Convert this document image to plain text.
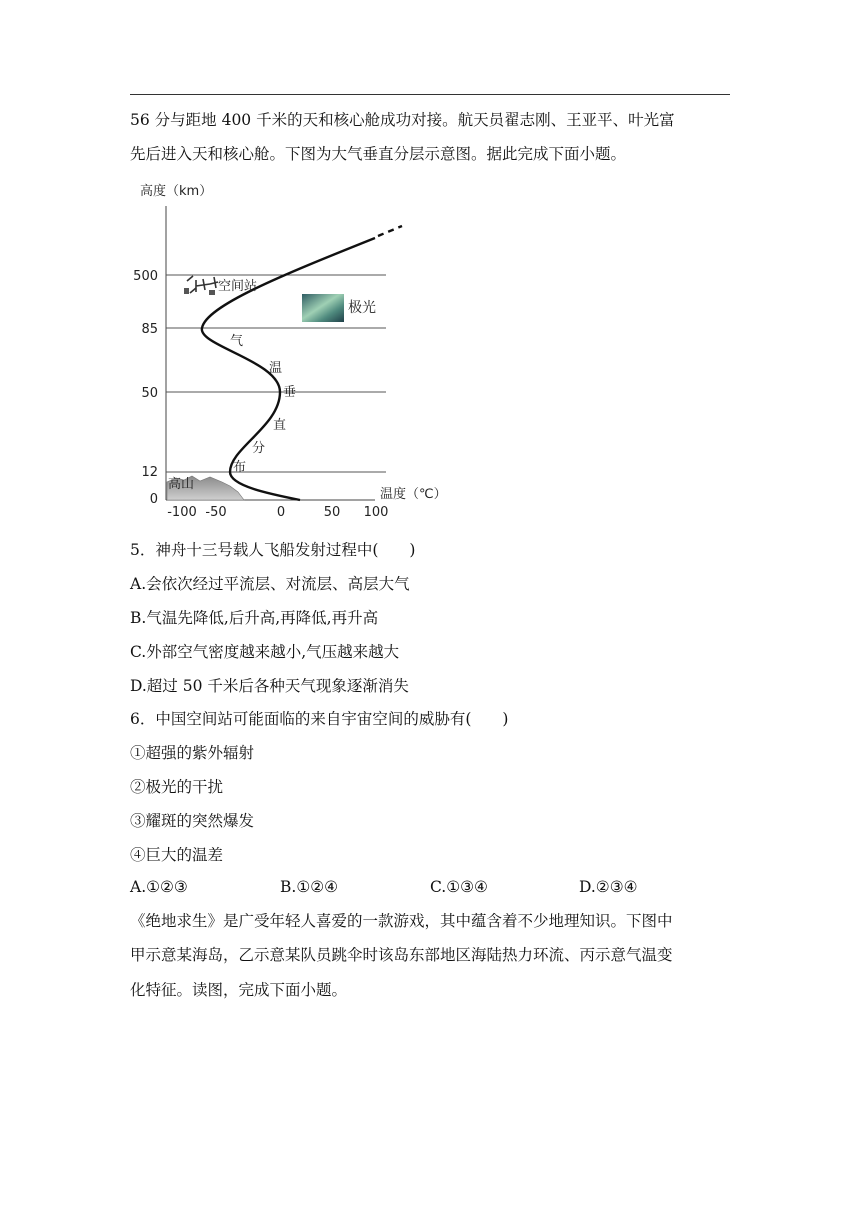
56 分与距地 400 千米的天和核心舱成功对接。航天员翟志刚、王亚平、叶光富
先后进入天和核心舱。下图为大气垂直分层示意图。据此完成下面小题。
高度（km）
500
85
50
12
0
-100 -50	0	50 100
温度（℃）
高山
气
温
垂
直
分
布
空间站
极光
5．神舟十三号载人飞船发射过程中(　　)
A.会依次经过平流层、对流层、高层大气
B.气温先降低,后升高,再降低,再升高
C.外部空气密度越来越小,气压越来越大
D.超过 50 千米后各种天气现象逐渐消失
6．中国空间站可能面临的来自宇宙空间的威胁有(　　)
①超强的紫外辐射
②极光的干扰
③耀斑的突然爆发
④巨大的温差
A.①②③	B.①②④	C.①③④	D.②③④
《绝地求生》是广受年轻人喜爱的一款游戏，其中蕴含着不少地理知识。下图中
甲示意某海岛，乙示意某队员跳伞时该岛东部地区海陆热力环流、丙示意气温变
化特征。读图，完成下面小题。
